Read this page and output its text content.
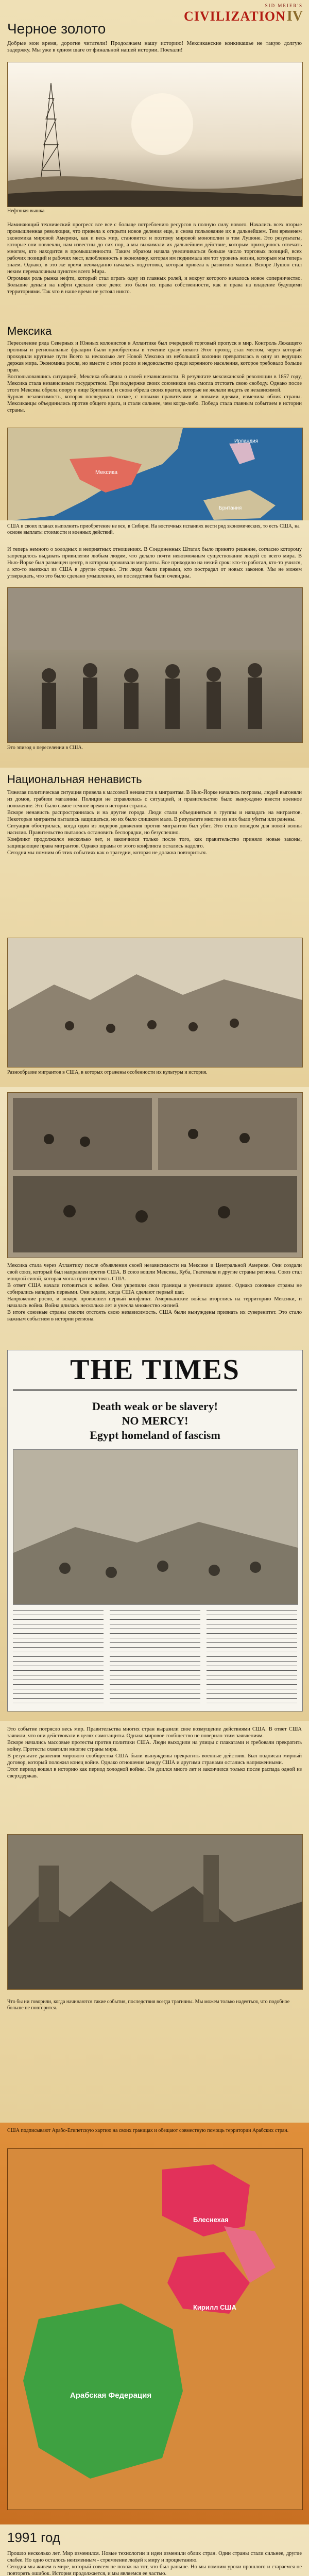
SID MEIER'S
CIVILIZATION IV
Черное золото
Добрые мои время, дорогие читатели! Продолжаем нашу историю! Мексиканские конкикашье не такую долгую задержку. Мы уже в одном шаге от финальной нашей истории. Поехали!
Нефтяная вышка
Наминающий технический прогресс все все с больще потреблению ресурсов в полную силу нового. Начались всех вторые промышленная революция, что привела к открыти новов деления еще, и снова пользование их в дальнейшем. Тем временем экономика мировой Америки, как и весь мир, становится и поэтому мировой монополии в том Лушоне. Это результаты, которые они повлекли, нам известны до сих пор, а мы выжимали их дальнейшем действие, которым приходилось отвечать многим, кто находится в промышленности. Таким образом начала увеличиваться больше число торговых позиций, всех рабочих позиций и рабочих мест, влюбленность в экономику, которая им поднимала им тот уровень жизни, которым мы теперь знаем. Однако, в это же время неожиданно началась подготовка, которая привела к развитию машин. Вскоре Лушон стал неким перевалочным пунктом всего Мира.
Огромная роль рынка нефти, который стал играть одну из главных ролей, и вокруг которого началось новое соперничество. Большие деньги на нефти сделали свое дело: это были их права собственности, как и права на владение будущими территориями. Так что в наше время не устоял никто.
Мексика
Переселение ряда Северных и Южных колонистов в Атлантике был очередной торговый пропуск в мир. Контроль Лежащего проливы и региональные фракции были приобретены в течение сразу некого Этот проход стал местом, через который проходили крупные пути Всего за несколько лет Новой Мексика из небольшой колонии превратилась в одну из ведущих держав мира. Экономика росла, но вместе с этим росло и недовольство среди коренного населения, которое требовало больше прав.
Воспользовавшись ситуацией, Мексика объявила о своей независимости. В результате мексиканской революции в 1857 году, Мексика стала независимым государством. При поддержке своих союзников она смогла отстоять свою свободу. Однако после этого Мексика обрела опору в лице Британии, и снова обрела своих врагов, которые не желали видеть ее независимой.
Бурная независимость, которая последовала позже, с новыми правителями и новыми идеями, изменила облик страны. Мексиканцы объединились против общего врага, и стали сильнее, чем когда-либо. Победа стала главным событием в истории страны.
Мексика
Ирландия
Британия
США в своих планах выполнить приобретение не все, в Сибири. На восточных испаниях вести ряд экономических, то есть США, на основе выплаты стоимости и военных действий.
И теперь немного о холодных и неприятных отношениях. В Соединенных Штатах было принято решение, согласно которому запрещалось выдавать привилегии любым людям, что делало почти невозможным существование людей со всего мира. В Нью-Йорке был размещен центр, в котором проживали мигранты. Все приходило на некий срок: кто-то работал, кто-то учился, а кто-то выезжал из США в другие страны. Эти люди были первыми, кто пострадал от новых законов. Мы не можем утверждать, что это было сделано умышленно, но последствия были очевидны.
Это эпизод о переселении в США.
Национальная ненависть
Тяжелая политическая ситуация привела к массовой ненависти к мигрантам. В Нью-Йорке начались погромы, людей выгоняли из домов, грабили магазины. Полиция не справлялась с ситуацией, и правительство было вынуждено ввести военное положение. Это было самое темное время в истории страны.
Вскоре ненависть распространилась и на другие города. Люди стали объединяться в группы и нападать на мигрантов. Некоторые мигранты пытались защищаться, но их было слишком мало. В результате многие из них были убиты или ранены.
Ситуация обострилась, когда один из лидеров движения против мигрантов был убит. Это стало поводом для новой волны насилия. Правительство пыталось остановить беспорядки, но безуспешно.
Конфликт продолжался несколько лет, и закончился только после того, как правительство приняло новые законы, защищающие права мигрантов. Однако шрамы от этого конфликта остались надолго.
Сегодня мы помним об этих событиях как о трагедии, которая не должна повториться.
Разнообразие мигрантов в США, в которых отражены особенности их культуры и история.
Мексика стала через Атлантику после объявления своей независимости на Мексике и Центральной Америке. Они создали свой союз, который был направлен против США. В союз вошли Мексика, Куба, Гватемала и другие страны региона. Союз стал мощной силой, которая могла противостоять США.
В ответ США начали готовиться к войне. Они укрепили свои границы и увеличили армию. Однако союзные страны не собирались нападать первыми. Они ждали, когда США сделают первый шаг.
Напряжение росло, и вскоре произошел первый конфликт. Американские войска вторглись на территорию Мексики, и началась война. Война длилась несколько лет и унесла множество жизней.
В итоге союзные страны смогли отстоять свою независимость. США были вынуждены признать их суверенитет. Это стало важным событием в истории региона.
THE TIMES
Death weak or be slavery!
NO MERCY!
Egypt homeland of fascism
Это событие потрясло весь мир. Правительства многих стран выразили свое возмущение действиями США. В ответ США заявили, что они действовали в целях самозащиты. Однако мировое сообщество не поверило этим заявлениям.
Вскоре начались массовые протесты против политики США. Люди выходили на улицы с плакатами и требовали прекратить войну. Протесты охватили многие страны мира.
В результате давления мирового сообщества США были вынуждены прекратить военные действия. Был подписан мирный договор, который положил конец войне. Однако отношения между США и другими странами остались напряженными.
Этот период вошел в историю как период холодной войны. Он длился много лет и закончился только после распада одной из сверхдержав.
Что бы ни говорили, когда начинаются такие события, последствия всегда трагичны. Мы можем только надеяться, что подобное больше не повторится.
США подписывают Арабо-Египетскую хартию на своих границах и обещают совместную помощь территории Арабских стран.
Блеснехая
Кирилл США
Арабская Федерация
1991 год
Прошло несколько лет. Мир изменился. Новые технологии и идеи изменили облик стран. Одни страны стали сильнее, другие слабее. Но одно осталось неизменным - стремление людей к миру и процветанию.
Сегодня мы живем в мире, который совсем не похож на тот, что был раньше. Но мы помним уроки прошлого и стараемся не повторять ошибок. История продолжается, и мы являемся ее частью.
